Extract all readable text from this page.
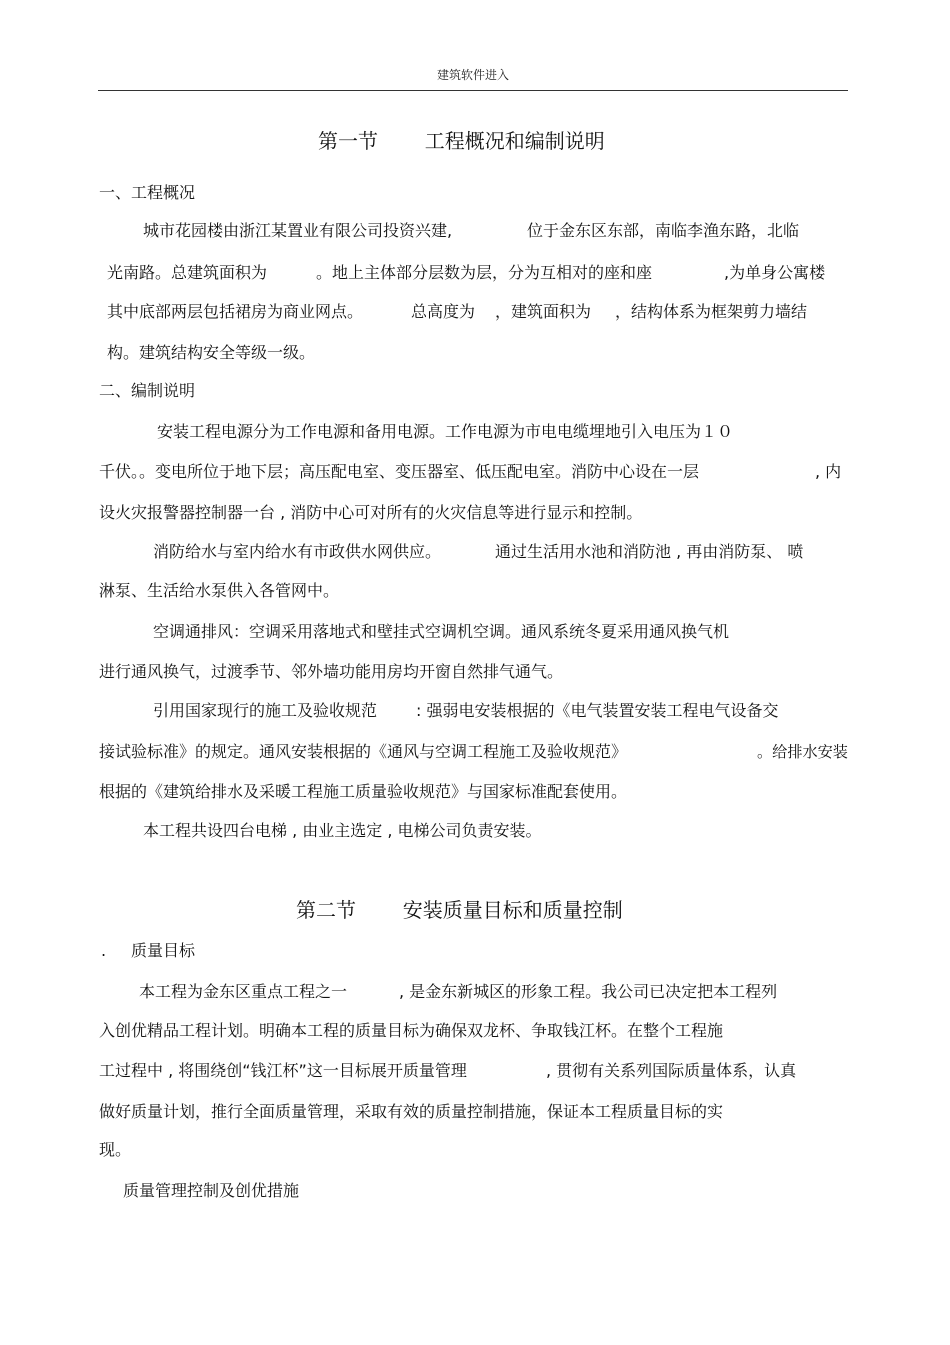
建筑软件进入
第一节 工程概况和编制说明
一、工程概况
城市花园楼由浙江某置业有限公司投资兴建,	位于金东区东部，南临李渔东路，北临
光南路。总建筑面积为	。地上主体部分层数为层，分为互相对的座和座	,为单身公寓楼
其中底部两层包括裙房为商业网点。	总高度为 ，建筑面积为 ，结构体系为框架剪力墙结
构。建筑结构安全等级一级。
二、编制说明
安装工程电源分为工作电源和备用电源。工作电源为市电电缆埋地引入电压为１０
千伏。。变电所位于地下层；高压配电室、变压器室、低压配电室。消防中心设在一层	, 内
设火灾报警器控制器一台 , 消防中心可对所有的火灾信息等进行显示和控制。
消防给水与室内给水有市政供水网供应。	通过生活用水池和消防池 , 再由消防泵、 喷
淋泵、生活给水泵供入各管网中。
空调通排风：空调采用落地式和壁挂式空调机空调。通风系统冬夏采用通风换气机
进行通风换气，过渡季节、邻外墙功能用房均开窗自然排气通气。
引用国家现行的施工及验收规范 : 强弱电安装根据的《电气装置安装工程电气设备交
接试验标准》的规定。通风安装根据的《通风与空调工程施工及验收规范》	。给排水安装
根据的《建筑给排水及采暖工程施工质量验收规范》与国家标准配套使用。
本工程共设四台电梯 , 由业主选定 , 电梯公司负责安装。
第二节 安装质量目标和质量控制
. 质量目标
本工程为金东区重点工程之一	, 是金东新城区的形象工程。我公司已决定把本工程列
入创优精品工程计划。明确本工程的质量目标为确保双龙杯、争取钱江杯。在整个工程施
工过程中 , 将围绕创“钱江杯”这一目标展开质量管理	, 贯彻有关系列国际质量体系，认真
做好质量计划，推行全面质量管理，采取有效的质量控制措施，保证本工程质量目标的实
现。
质量管理控制及创优措施
